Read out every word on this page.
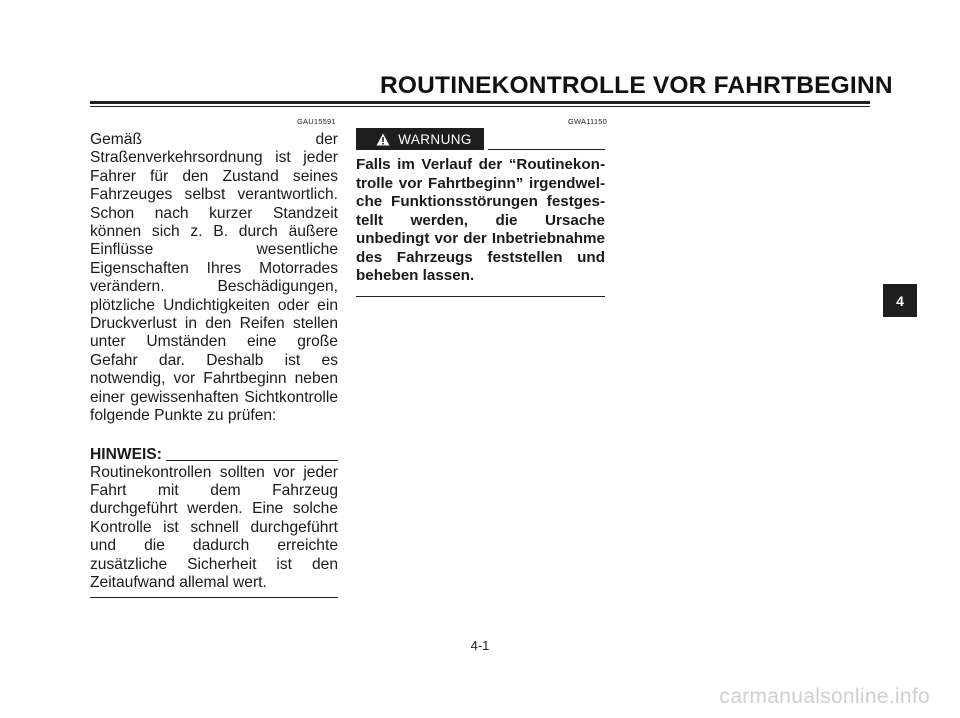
ROUTINEKONTROLLE VOR FAHRTBEGINN
GAU15591

Gemäß der Straßenverkehrsordnung ist jeder Fahrer für den Zustand seines Fahrzeuges selbst verantwortlich. Schon nach kurzer Standzeit können sich z. B. durch äußere Einflüsse wesentliche Eigenschaften Ihres Motorrades verändern. Beschädigungen, plötzliche Undichtigkeiten oder ein Druckverlust in den Reifen stellen unter Umständen eine große Gefahr dar. Deshalb ist es notwendig, vor Fahrtbeginn neben einer gewissenhaften Sichtkontrolle folgende Punkte zu prüfen:

HINWEIS:

Routinekontrollen sollten vor jeder Fahrt mit dem Fahrzeug durchgeführt werden. Eine solche Kontrolle ist schnell durchgeführt und die dadurch erreichte zusätzliche Sicherheit ist den Zeitaufwand allemal wert.

GWA11150
WARNUNG

Falls im Verlauf der “Routinekontrolle vor Fahrtbeginn” irgendwelche Funktionsstörungen festgestellt werden, die Ursache unbedingt vor der Inbetriebnahme des Fahrzeugs feststellen und beheben lassen.

4
4-1
carmanualsonline.info
